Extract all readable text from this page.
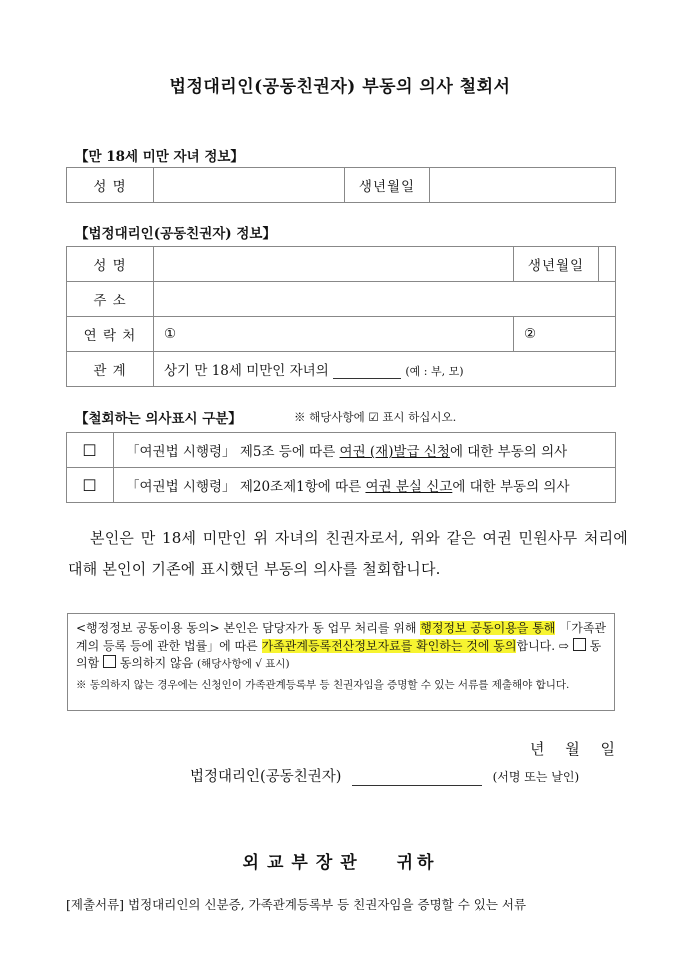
법정대리인(공동친권자) 부동의 의사 철회서
【만 18세 미만 자녀 정보】
성 명		생년월일	
【법정대리인(공동친권자) 정보】
성 명		생년월일	
주 소			
연 락 처	①	②	
관 계	상기 만 18세 미만인 자녀의 (예 : 부, 모)		
【철회하는 의사표시 구분】	※ 해당사항에 ☑ 표시 하십시오.
☐	「여권법 시행령」 제5조 등에 따른 여권 (재)발급 신청에 대한 부동의 의사
☐	「여권법 시행령」 제20조제1항에 따른 여권 분실 신고에 대한 부동의 의사
본인은 만 18세 미만인 위 자녀의 친권자로서, 위와 같은 여권 민원사무 처리에 대해 본인이 기존에 표시했던 부동의 의사를 철회합니다.
<행정정보 공동이용 동의> 본인은 담당자가 동 업무 처리를 위해 행정정보 공동이용을 통해 「가족관계의 등록 등에 관한 법률」에 따른 가족관계등록전산정보자료를 확인하는 것에 동의합니다. ⇨  동의함 동의하지 않음 (해당사항에 √ 표시)
※ 동의하지 않는 경우에는 신청인이 가족관계등록부 등 친권자임을 증명할 수 있는 서류를 제출해야 합니다.
년 월 일
법정대리인(공동친권자)	(서명 또는 날인)
외교부장관 귀하
[제출서류] 법정대리인의 신분증, 가족관계등록부 등 친권자임을 증명할 수 있는 서류
